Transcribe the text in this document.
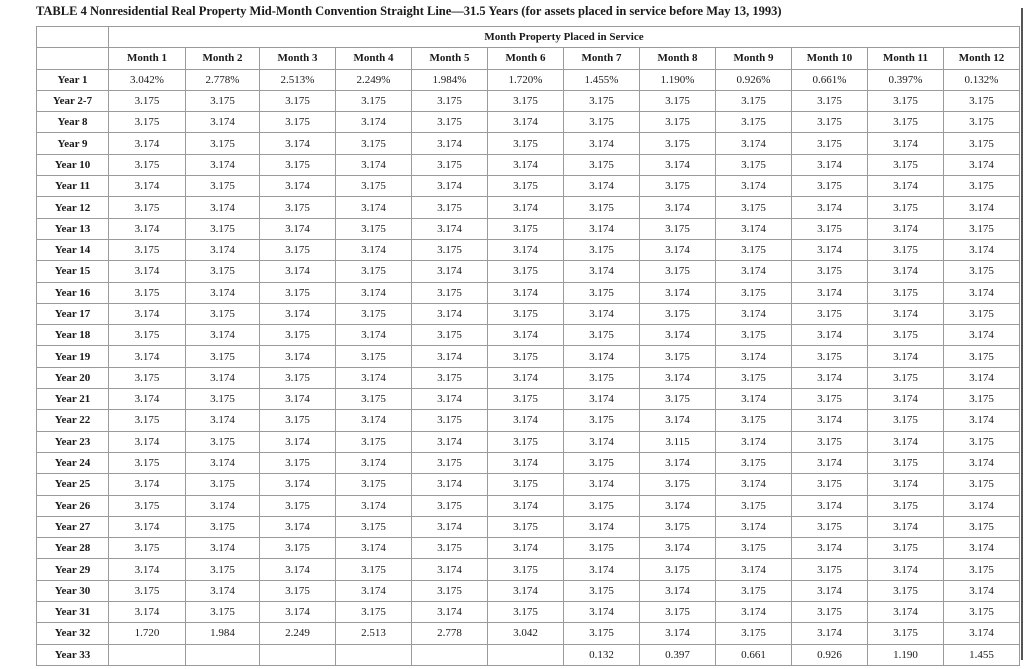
TABLE 4 Nonresidential Real Property Mid-Month Convention Straight Line—31.5 Years (for assets placed in service before May 13, 1993)
	Month Property Placed in Service											
	Month 1	Month 2	Month 3	Month 4	Month 5	Month 6	Month 7	Month 8	Month 9	Month 10	Month 11	Month 12
Year 1	3.042%	2.778%	2.513%	2.249%	1.984%	1.720%	1.455%	1.190%	0.926%	0.661%	0.397%	0.132%
Year 2-7	3.175	3.175	3.175	3.175	3.175	3.175	3.175	3.175	3.175	3.175	3.175	3.175
Year 8	3.175	3.174	3.175	3.174	3.175	3.174	3.175	3.175	3.175	3.175	3.175	3.175
Year 9	3.174	3.175	3.174	3.175	3.174	3.175	3.174	3.175	3.174	3.175	3.174	3.175
Year 10	3.175	3.174	3.175	3.174	3.175	3.174	3.175	3.174	3.175	3.174	3.175	3.174
Year 11	3.174	3.175	3.174	3.175	3.174	3.175	3.174	3.175	3.174	3.175	3.174	3.175
Year 12	3.175	3.174	3.175	3.174	3.175	3.174	3.175	3.174	3.175	3.174	3.175	3.174
Year 13	3.174	3.175	3.174	3.175	3.174	3.175	3.174	3.175	3.174	3.175	3.174	3.175
Year 14	3.175	3.174	3.175	3.174	3.175	3.174	3.175	3.174	3.175	3.174	3.175	3.174
Year 15	3.174	3.175	3.174	3.175	3.174	3.175	3.174	3.175	3.174	3.175	3.174	3.175
Year 16	3.175	3.174	3.175	3.174	3.175	3.174	3.175	3.174	3.175	3.174	3.175	3.174
Year 17	3.174	3.175	3.174	3.175	3.174	3.175	3.174	3.175	3.174	3.175	3.174	3.175
Year 18	3.175	3.174	3.175	3.174	3.175	3.174	3.175	3.174	3.175	3.174	3.175	3.174
Year 19	3.174	3.175	3.174	3.175	3.174	3.175	3.174	3.175	3.174	3.175	3.174	3.175
Year 20	3.175	3.174	3.175	3.174	3.175	3.174	3.175	3.174	3.175	3.174	3.175	3.174
Year 21	3.174	3.175	3.174	3.175	3.174	3.175	3.174	3.175	3.174	3.175	3.174	3.175
Year 22	3.175	3.174	3.175	3.174	3.175	3.174	3.175	3.174	3.175	3.174	3.175	3.174
Year 23	3.174	3.175	3.174	3.175	3.174	3.175	3.174	3.115	3.174	3.175	3.174	3.175
Year 24	3.175	3.174	3.175	3.174	3.175	3.174	3.175	3.174	3.175	3.174	3.175	3.174
Year 25	3.174	3.175	3.174	3.175	3.174	3.175	3.174	3.175	3.174	3.175	3.174	3.175
Year 26	3.175	3.174	3.175	3.174	3.175	3.174	3.175	3.174	3.175	3.174	3.175	3.174
Year 27	3.174	3.175	3.174	3.175	3.174	3.175	3.174	3.175	3.174	3.175	3.174	3.175
Year 28	3.175	3.174	3.175	3.174	3.175	3.174	3.175	3.174	3.175	3.174	3.175	3.174
Year 29	3.174	3.175	3.174	3.175	3.174	3.175	3.174	3.175	3.174	3.175	3.174	3.175
Year 30	3.175	3.174	3.175	3.174	3.175	3.174	3.175	3.174	3.175	3.174	3.175	3.174
Year 31	3.174	3.175	3.174	3.175	3.174	3.175	3.174	3.175	3.174	3.175	3.174	3.175
Year 32	1.720	1.984	2.249	2.513	2.778	3.042	3.175	3.174	3.175	3.174	3.175	3.174
Year 33							0.132	0.397	0.661	0.926	1.190	1.455
